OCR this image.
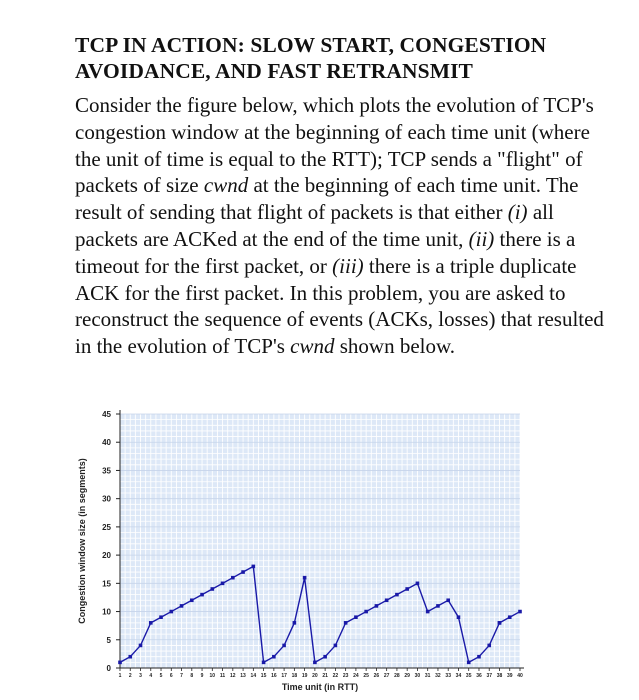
TCP IN ACTION: SLOW START, CONGESTION
AVOIDANCE, AND FAST RETRANSMIT

Consider the figure below, which plots the evolution of TCP's congestion window at the beginning of each time unit (where the unit of time is equal to the RTT); TCP sends a "flight" of packets of size cwnd at the beginning of each time unit. The result of sending that flight of packets is that either (i) all packets are ACKed at the end of the time unit, (ii) there is a timeout for the first packet, or (iii) there is a triple duplicate ACK for the first packet. In this problem, you are asked to reconstruct the sequence of events (ACKs, losses) that resulted in the evolution of TCP's cwnd shown below.

0
5
10
15
20
25
30
35
40
45
1 2 3 4 5 6 7 8 9 10 11 12 13 14 15 16 17 18 19 20 21 22 23 24 25 26 27 28 29 30 31 32 33 34 35 36 37 38 39 40
Congestion window size (in segments)
Time unit (in RTT)
